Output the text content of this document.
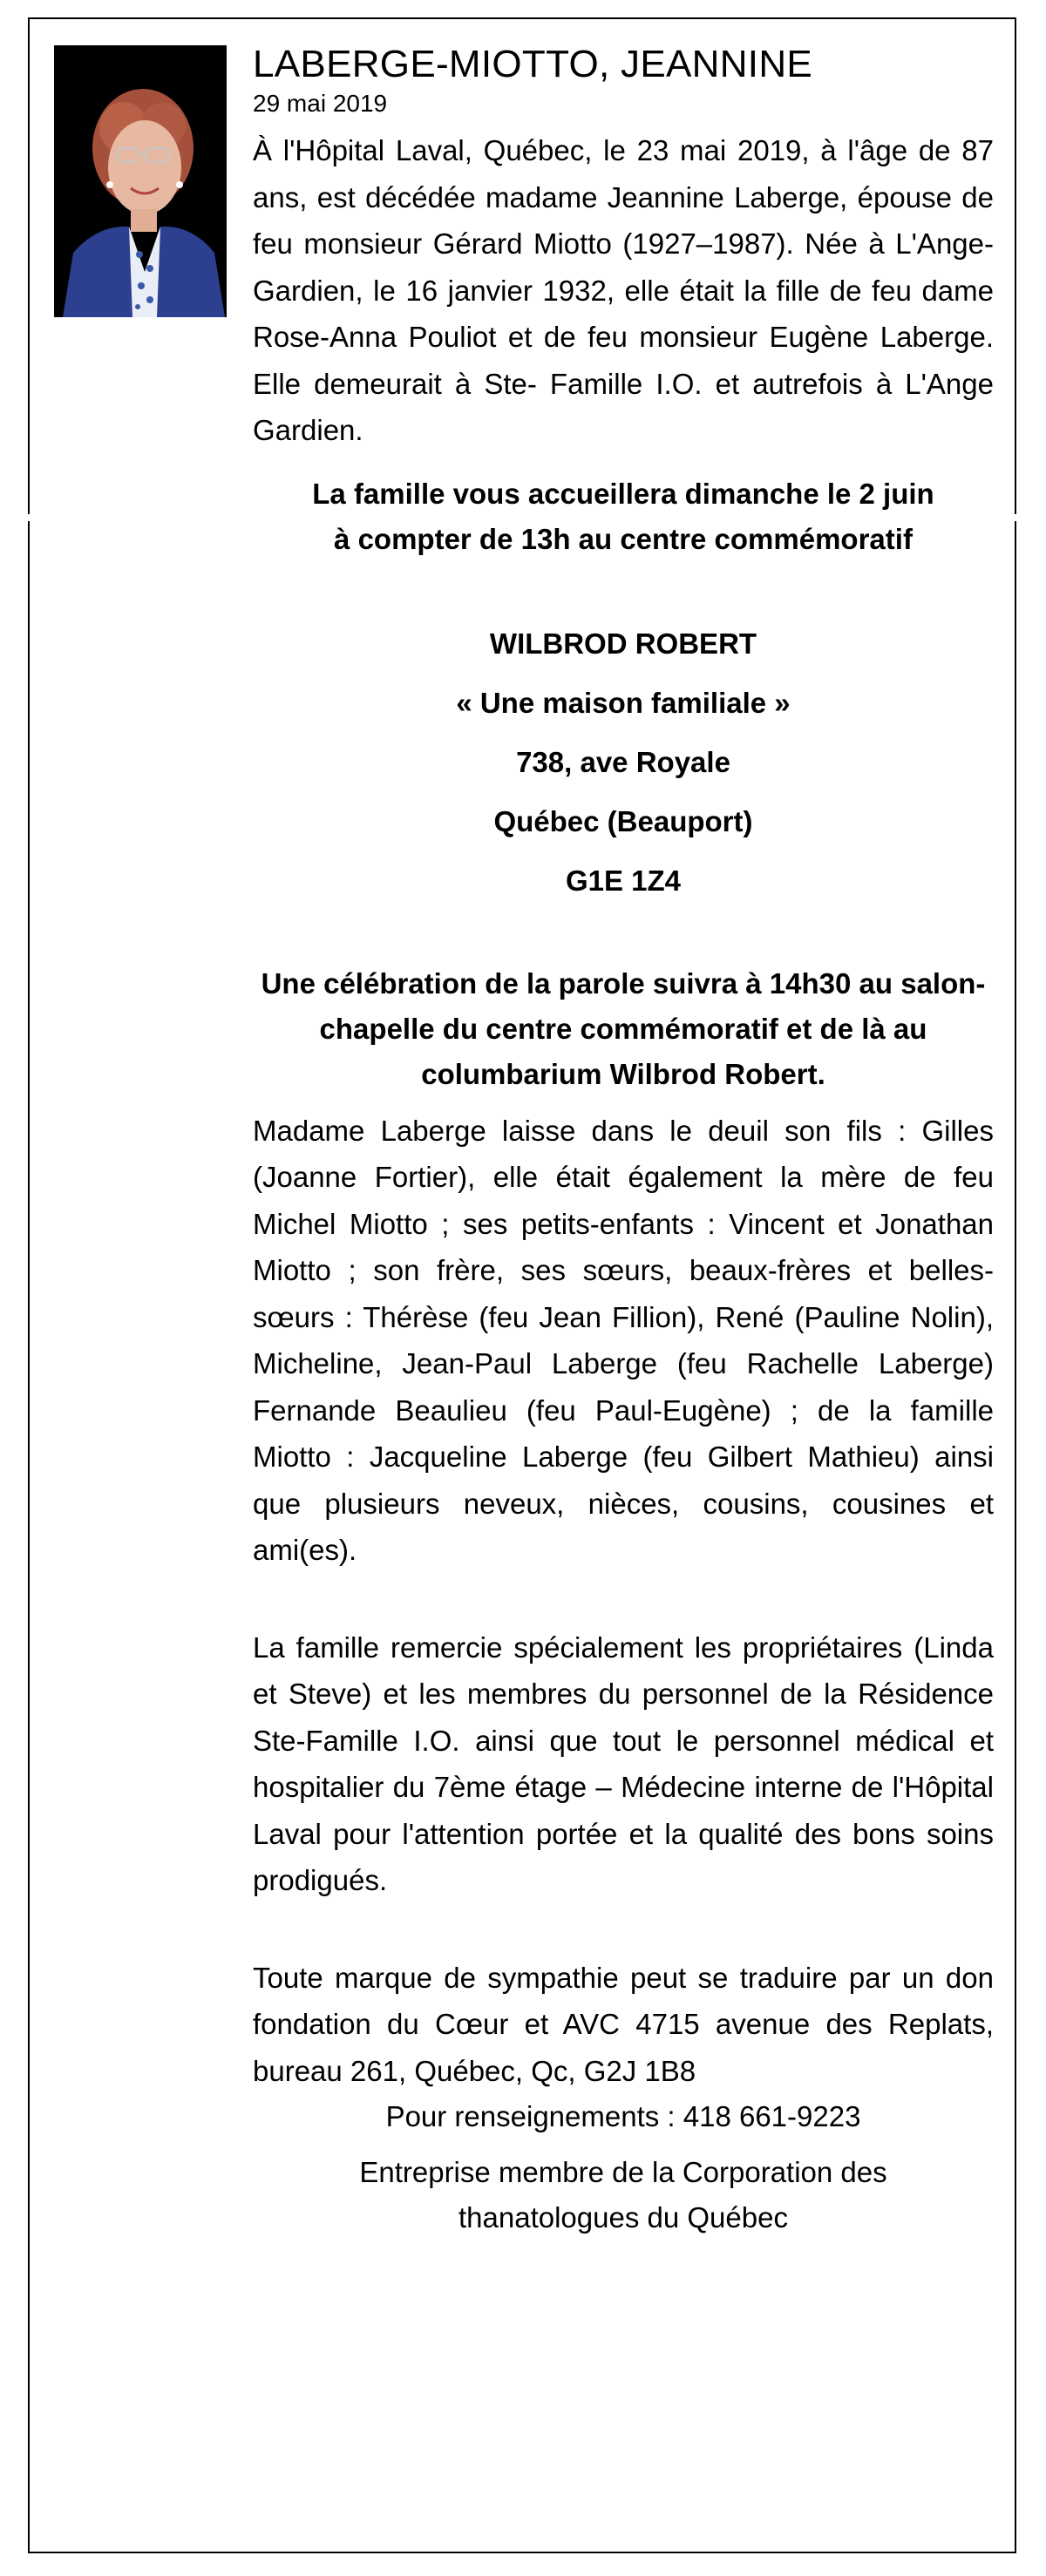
LABERGE-MIOTTO, JEANNINE
29 mai 2019

À l'Hôpital Laval, Québec, le 23 mai 2019, à l'âge de 87 ans, est décédée madame Jeannine Laberge, épouse de feu monsieur Gérard Miotto (1927–1987). Née à L'Ange-Gardien, le 16 janvier 1932, elle était la fille de feu dame Rose-Anna Pouliot et de feu monsieur Eugène Laberge. Elle demeurait à Ste- Famille I.O. et autrefois à L'Ange Gardien.

La famille vous accueillera dimanche le 2 juin

à compter de 13h au centre commémoratif

WILBROD ROBERT

« Une maison familiale »

738, ave Royale

Québec (Beauport)

G1E 1Z4

Une célébration de la parole suivra à 14h30 au salon-chapelle du centre commémoratif et de là au columbarium Wilbrod Robert.

Madame Laberge laisse dans le deuil son fils : Gilles (Joanne Fortier), elle était également la mère de feu Michel Miotto ; ses petits-enfants : Vincent et Jonathan Miotto ; son frère, ses sœurs, beaux-frères et belles-sœurs : Thérèse (feu Jean Fillion), René (Pauline Nolin), Micheline, Jean-Paul Laberge (feu Rachelle Laberge) Fernande Beaulieu (feu Paul-Eugène) ; de la famille Miotto : Jacqueline Laberge (feu Gilbert Mathieu) ainsi que plusieurs neveux, nièces, cousins, cousines et ami(es).

La famille remercie spécialement les propriétaires (Linda et Steve) et les membres du personnel de la Résidence Ste-Famille I.O. ainsi que tout le personnel médical et hospitalier du 7ème étage – Médecine interne de l'Hôpital Laval pour l'attention portée et la qualité des bons soins prodigués.

Toute marque de sympathie peut se traduire par un don fondation du Cœur et AVC 4715 avenue des Replats, bureau 261, Québec, Qc, G2J 1B8

Pour renseignements : 418 661-9223

Entreprise membre de la Corporation des

thanatologues du Québec
